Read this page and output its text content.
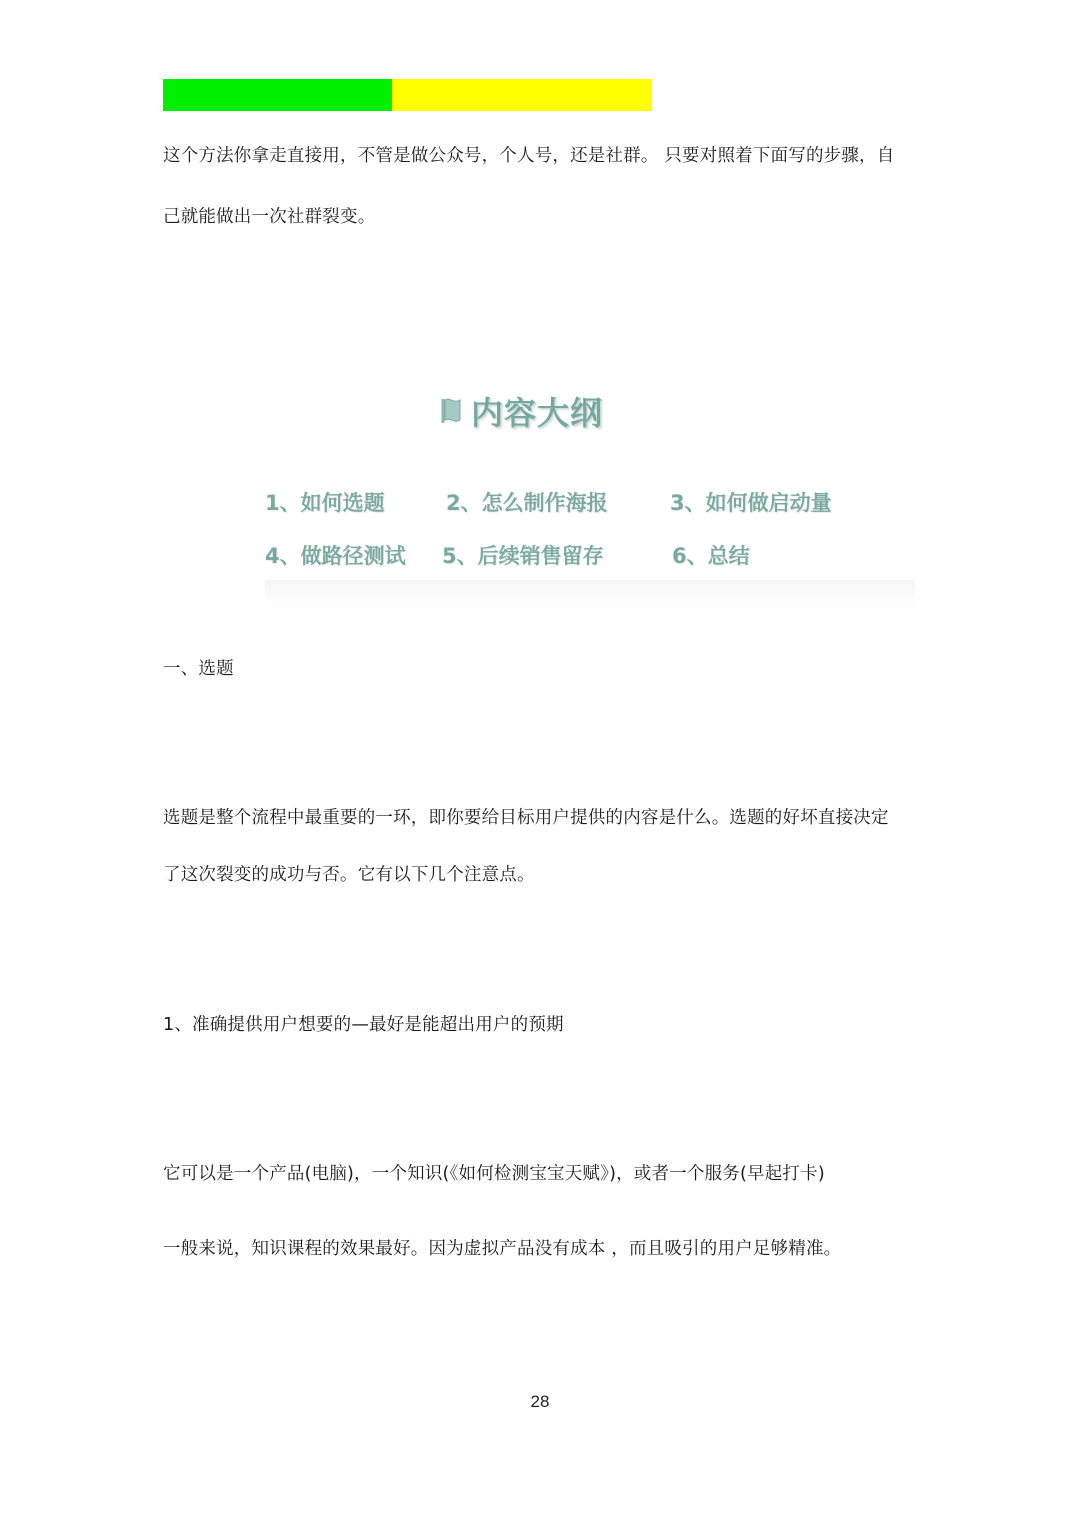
这个方法你拿走直接用，不管是做公众号，个人号，还是社群。 只要对照着下面写的步骤，自

己就能做出一次社群裂变。

内容大纲
1、如何选题	2、怎么制作海报	3、如何做启动量
4、做路径测试 5、后续销售留存	6、总结

一、选题

选题是整个流程中最重要的一环，即你要给目标用户提供的内容是什么。选题的好坏直接决定

了这次裂变的成功与否。它有以下几个注意点。

1、准确提供用户想要的—最好是能超出用户的预期

它可以是一个产品(电脑)，一个知识(《如何检测宝宝天赋》)，或者一个服务(早起打卡)

一般来说，知识课程的效果最好。因为虚拟产品没有成本 ，而且吸引的用户足够精准。

28
